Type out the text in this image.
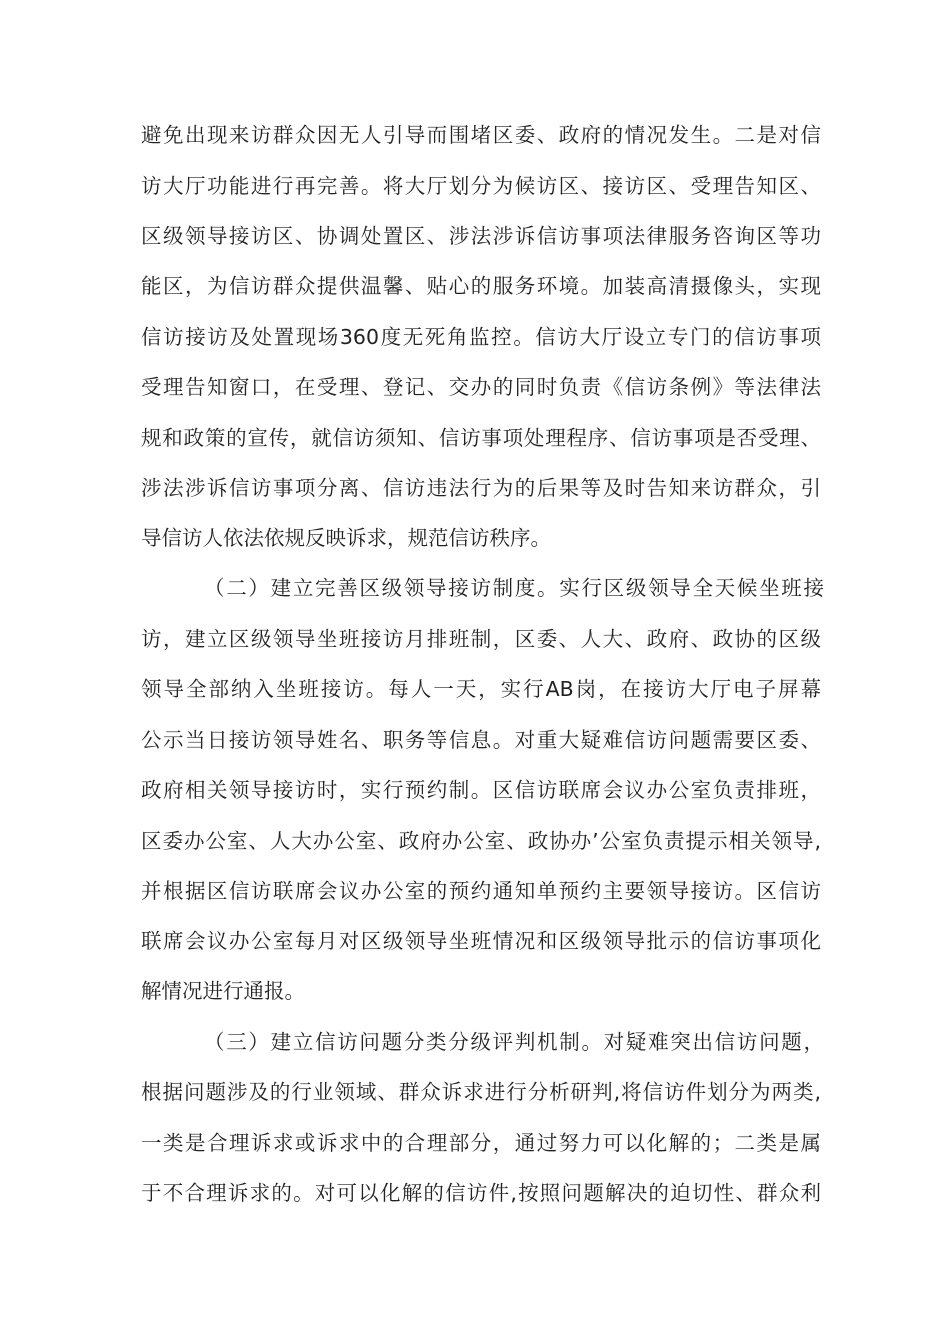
避免出现来访群众因无人引导而围堵区委、政府的情况发生。二是对信
访大厅功能进行再完善。将大厅划分为候访区、接访区、受理告知区、
区级领导接访区、协调处置区、涉法涉诉信访事项法律服务咨询区等功
能区，为信访群众提供温馨、贴心的服务环境。加装高清摄像头，实现
信访接访及处置现场360度无死角监控。信访大厅设立专门的信访事项
受理告知窗口，在受理、登记、交办的同时负责《信访条例》等法律法
规和政策的宣传，就信访须知、信访事项处理程序、信访事项是否受理、
涉法涉诉信访事项分离、信访违法行为的后果等及时告知来访群众，引
导信访人依法依规反映诉求，规范信访秩序。
（二）建立完善区级领导接访制度。实行区级领导全天候坐班接
访，建立区级领导坐班接访月排班制，区委、人大、政府、政协的区级
领导全部纳入坐班接访。每人一天，实行AB岗，在接访大厅电子屏幕
公示当日接访领导姓名、职务等信息。对重大疑难信访问题需要区委、
政府相关领导接访时，实行预约制。区信访联席会议办公室负责排班，
区委办公室、人大办公室、政府办公室、政协办’公室负责提示相关领导,
并根据区信访联席会议办公室的预约通知单预约主要领导接访。区信访
联席会议办公室每月对区级领导坐班情况和区级领导批示的信访事项化
解情况进行通报。
（三）建立信访问题分类分级评判机制。对疑难突出信访问题，
根据问题涉及的行业领域、群众诉求进行分析研判,将信访件划分为两类,
一类是合理诉求或诉求中的合理部分，通过努力可以化解的；二类是属
于不合理诉求的。对可以化解的信访件,按照问题解决的迫切性、群众利
